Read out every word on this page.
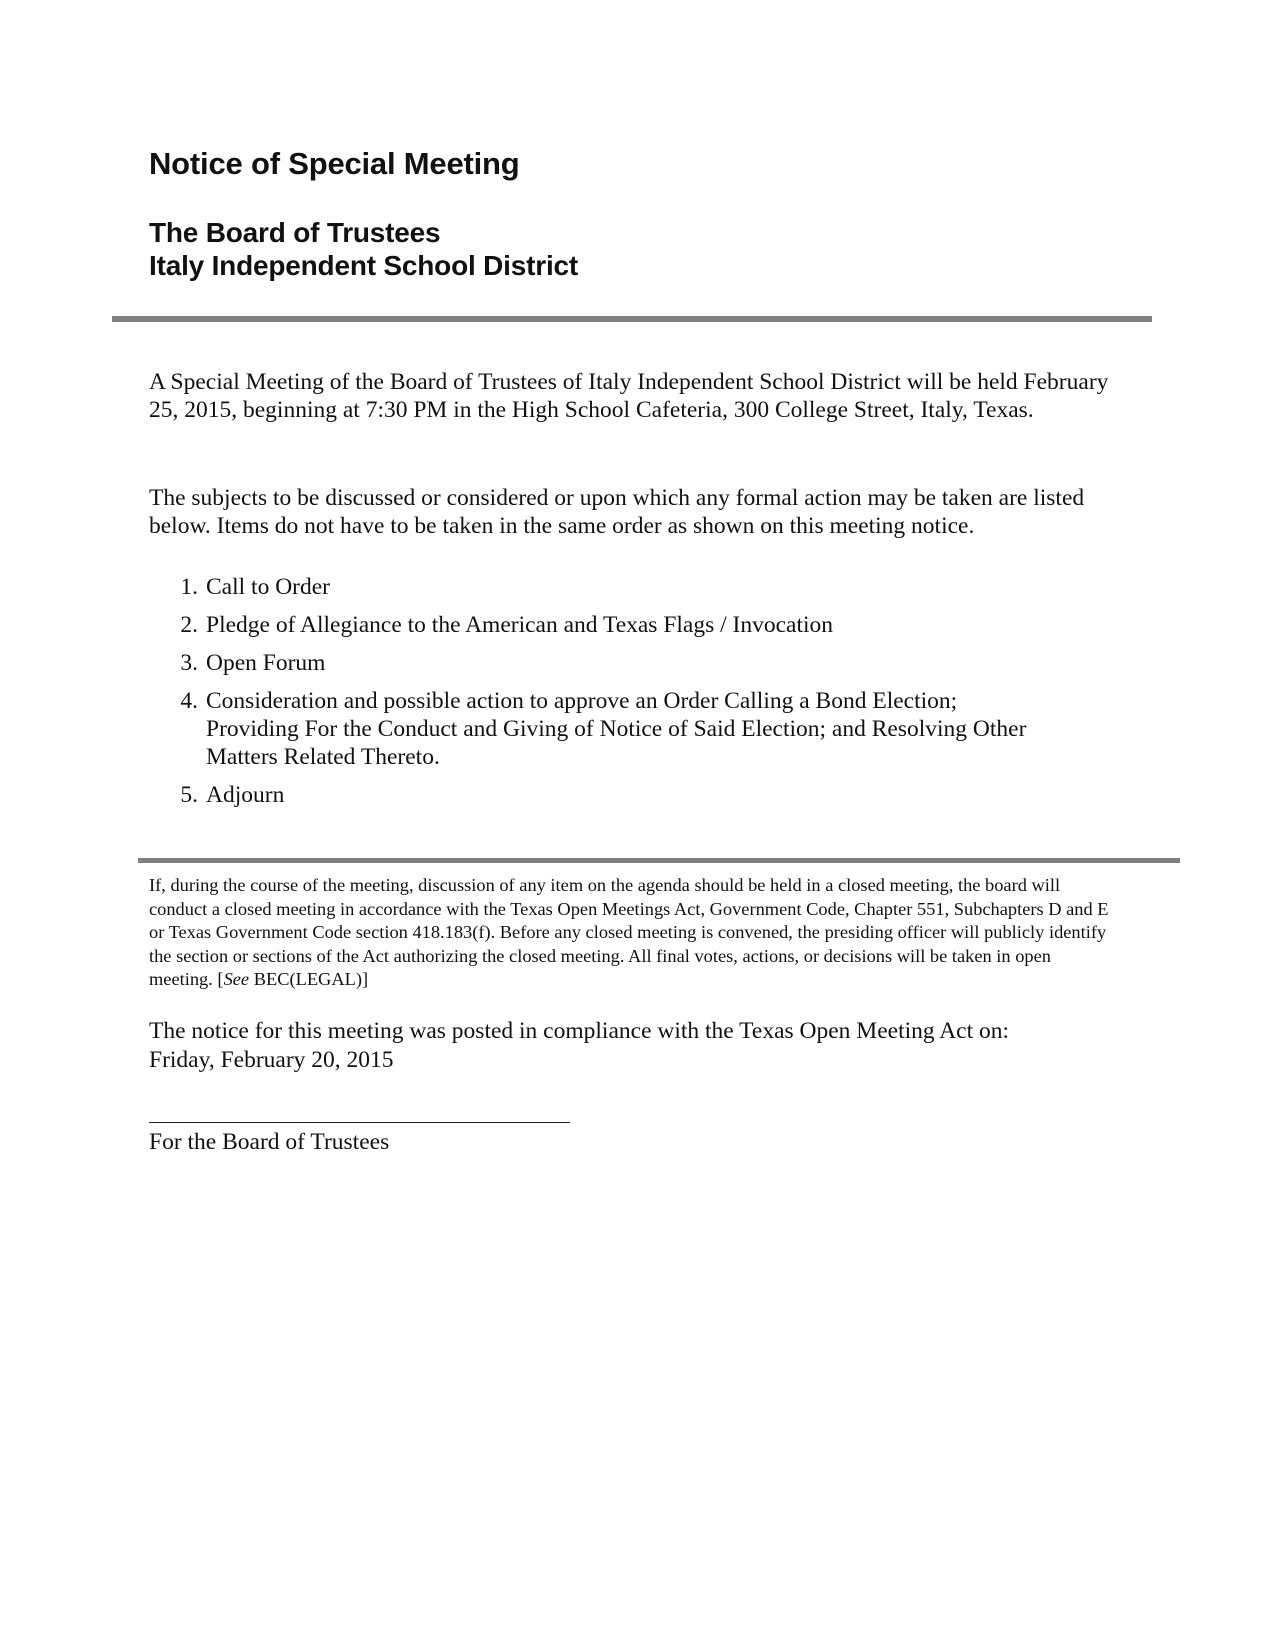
Notice of Special Meeting
The Board of Trustees
Italy Independent School District

A Special Meeting of the Board of Trustees of Italy Independent School District will be held February 25, 2015, beginning at 7:30 PM in the High School Cafeteria, 300 College Street, Italy, Texas.

The subjects to be discussed or considered or upon which any formal action may be taken are listed below. Items do not have to be taken in the same order as shown on this meeting notice.

1. Call to Order
2. Pledge of Allegiance to the American and Texas Flags / Invocation
3. Open Forum
4. Consideration and possible action to approve an Order Calling a Bond Election; Providing For the Conduct and Giving of Notice of Said Election; and Resolving Other Matters Related Thereto.
5. Adjourn

If, during the course of the meeting, discussion of any item on the agenda should be held in a closed meeting, the board will conduct a closed meeting in accordance with the Texas Open Meetings Act, Government Code, Chapter 551, Subchapters D and E or Texas Government Code section 418.183(f). Before any closed meeting is convened, the presiding officer will publicly identify the section or sections of the Act authorizing the closed meeting. All final votes, actions, or decisions will be taken in open meeting. [See BEC(LEGAL)]

The notice for this meeting was posted in compliance with the Texas Open Meeting Act on:
Friday, February 20, 2015

For the Board of Trustees
